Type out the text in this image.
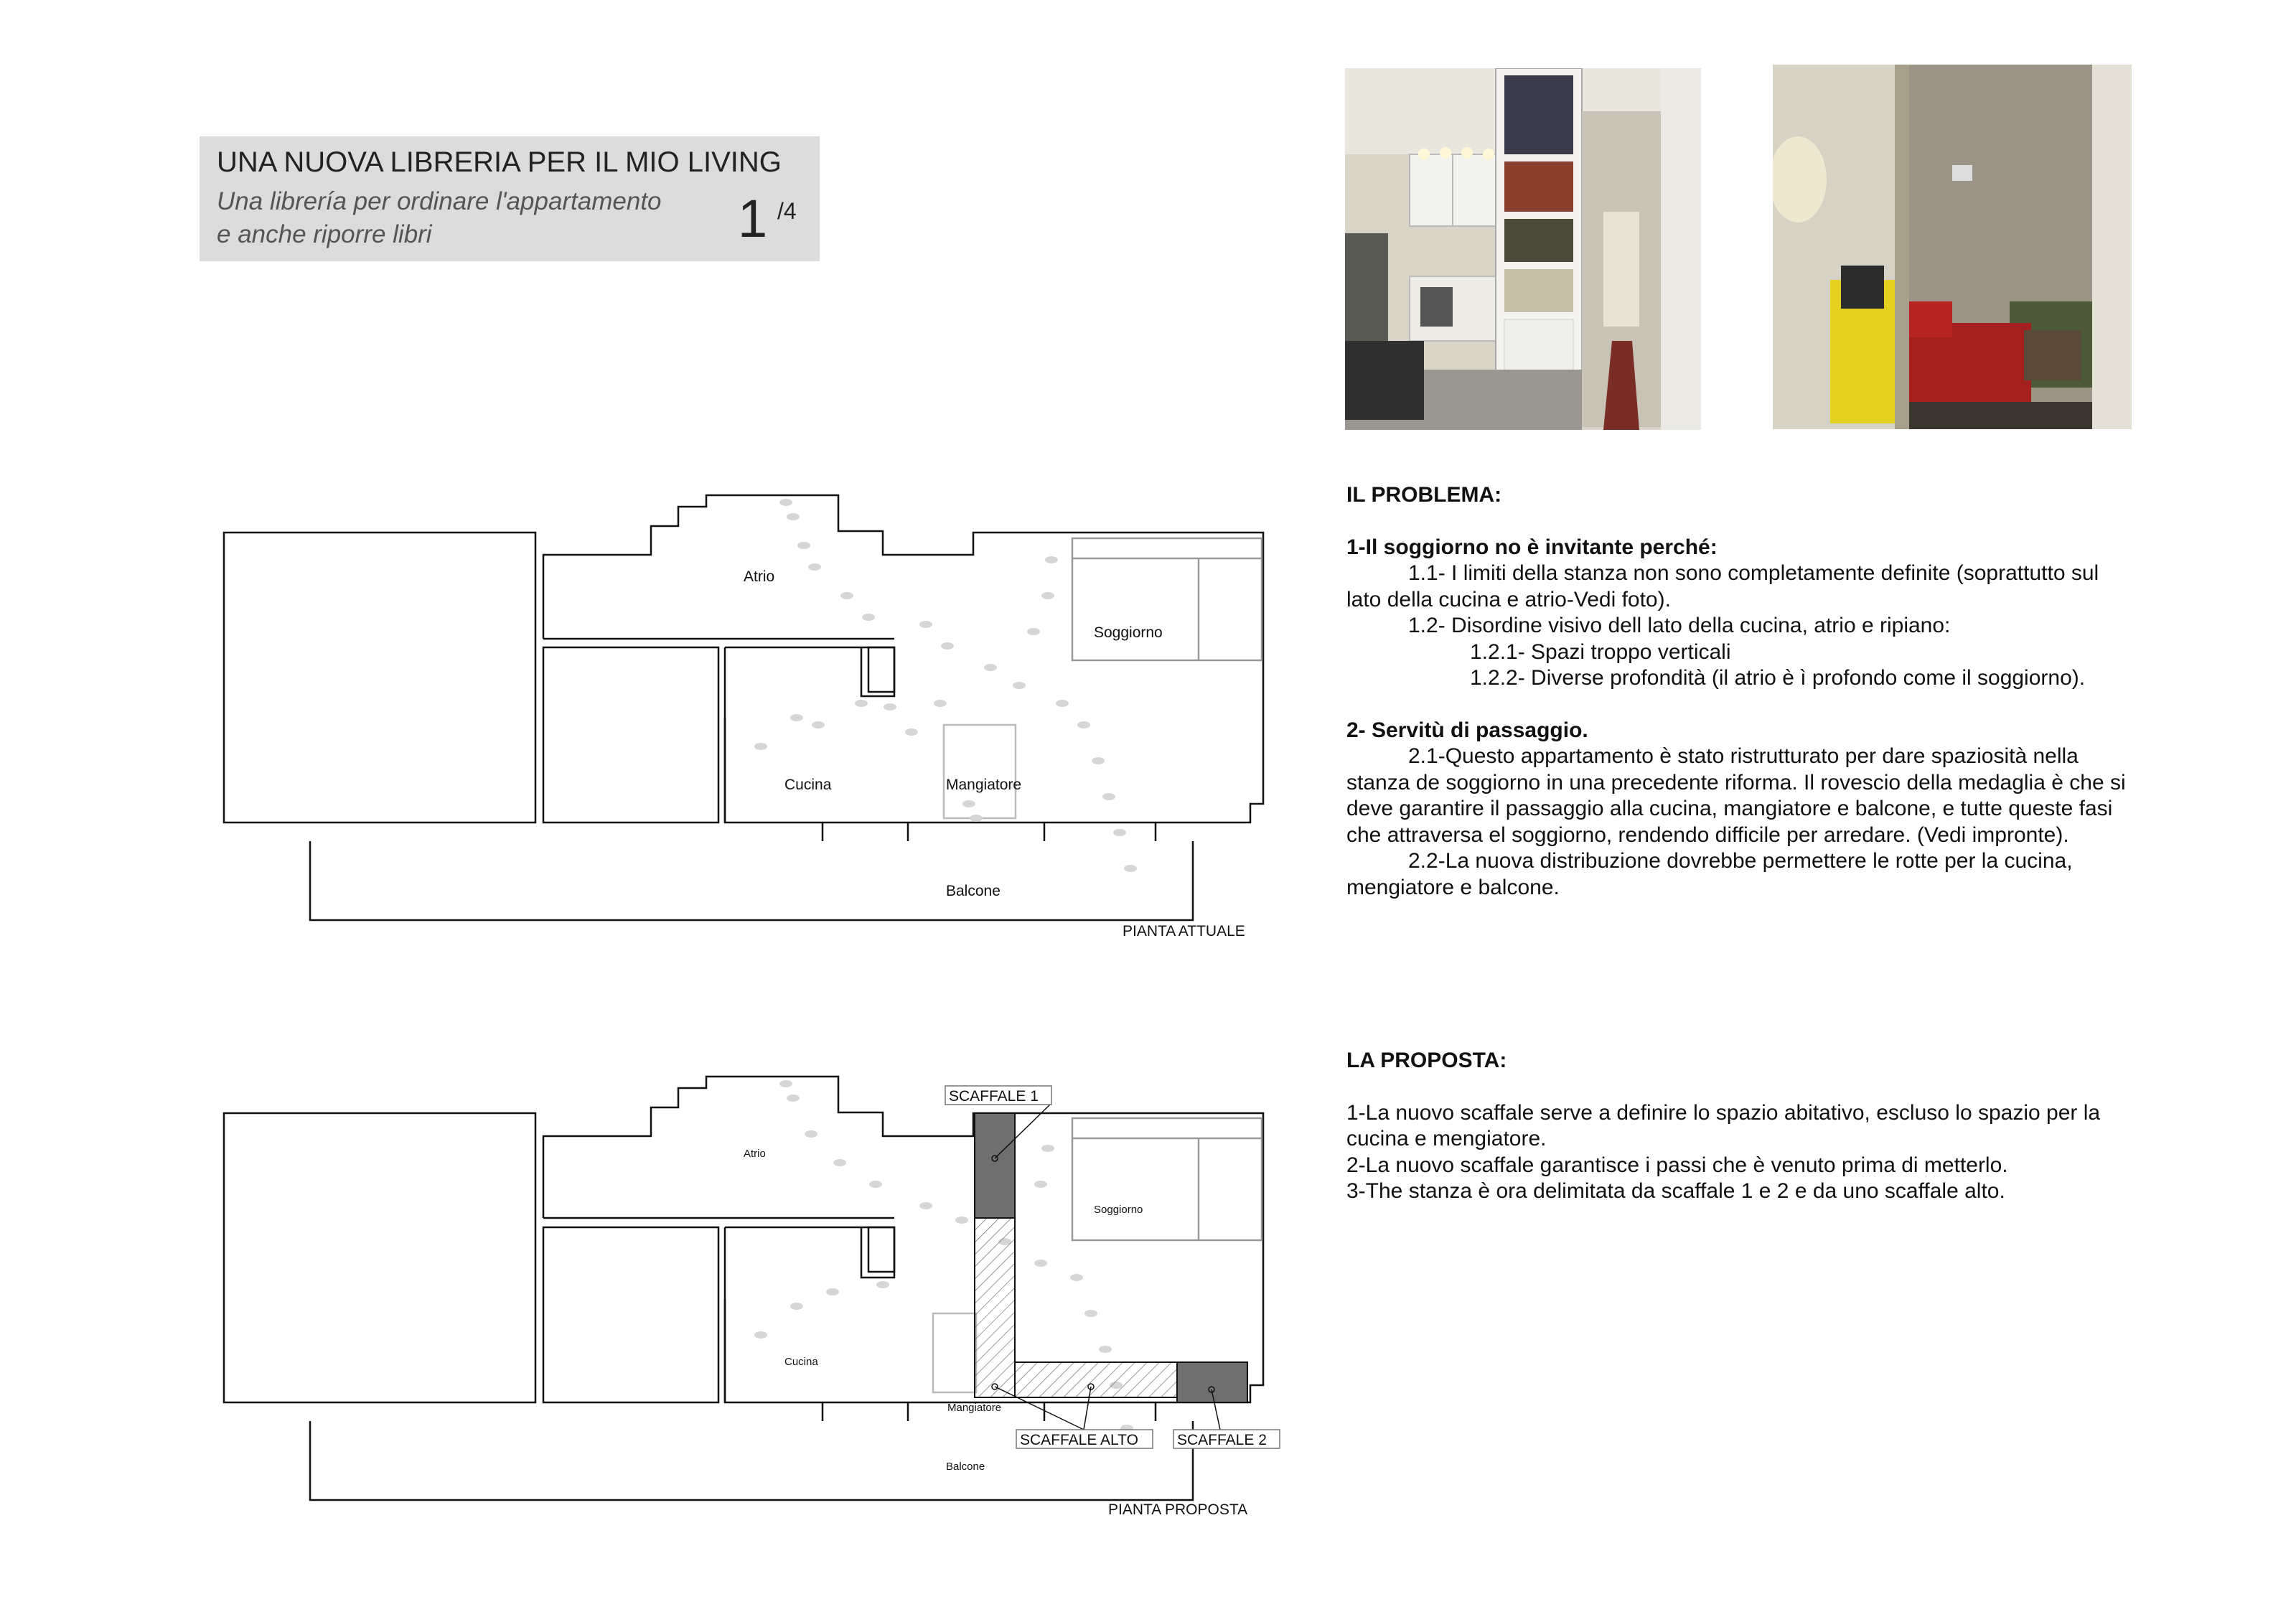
UNA NUOVA LIBRERIA PER IL MIO LIVING
Una librería per ordinare l'appartamento
e anche riporre libri	1 /4

IL PROBLEMA:

1-Il soggiorno no è invitante perché:

1.1- I limiti della stanza non sono completamente definite (soprattutto sul

lato della cucina e atrio-Vedi foto).

1.2- Disordine visivo dell lato della cucina, atrio e ripiano:

1.2.1- Spazi troppo verticali

1.2.2- Diverse profondità (il atrio è ì profondo come il soggiorno).

2- Servitù di passaggio.

2.1-Questo appartamento è stato ristrutturato per dare spaziosità nella

stanza de soggiorno in una precedente riforma. Il rovescio della medaglia è che si

deve garantire il passaggio alla cucina, mangiatore e balcone, e tutte queste fasi

che attraversa el soggiorno, rendendo difficile per arredare. (Vedi impronte).

2.2-La nuova distribuzione dovrebbe permettere le rotte per la cucina,

mengiatore e balcone.

LA PROPOSTA:

1-La nuovo scaffale serve a definire lo spazio abitativo, escluso lo spazio per la

cucina e mengiatore.

2-La nuovo scaffale garantisce i passi che è venuto prima di metterlo.

3-The stanza è ora delimitata da scaffale 1 e 2 e da uno scaffale alto.

Atrio
Soggiorno
Cucina	Mangiatore
Balcone
PIANTA ATTUALE
SCAFFALE 1
SCAFFALE ALTO	SCAFFALE 2
Atrio
Soggiorno
Cucina
Mangiatore
Balcone
PIANTA PROPOSTA
